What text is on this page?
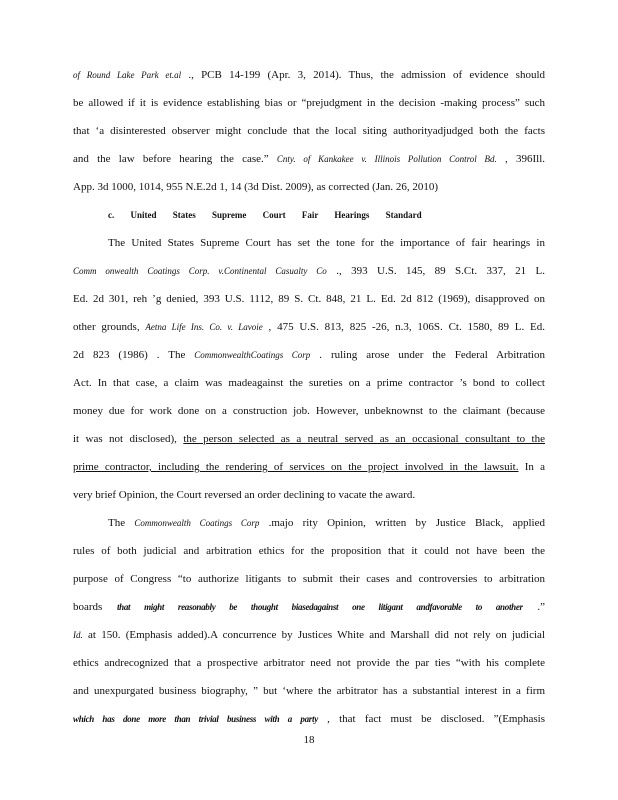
of Round Lake Park et.al ., PCB 14-199 (Apr. 3, 2014). Thus, the admission of evidence should
be allowed if it is evidence establishing bias or “prejudgment in the decision -making process” such
that ‘a disinterested observer might conclude that the local siting authorityadjudged both the facts
and the law before hearing the case.” Cnty. of Kankakee v. Illinois Pollution Control Bd. , 396Ill.
App. 3d 1000, 1014, 955 N.E.2d 1, 14 (3d Dist. 2009), as corrected (Jan. 26, 2010)
c. United States Supreme Court Fair Hearings Standard
The United States Supreme Court has set the tone for the importance of fair hearings in
Comm onwealth Coatings Corp. v.Continental Casualty Co ., 393 U.S. 145, 89 S.Ct. 337, 21 L.
Ed. 2d 301, reh ’g denied, 393 U.S. 1112, 89 S. Ct. 848, 21 L. Ed. 2d 812 (1969), disapproved on
other grounds, Aetna Life Ins. Co. v. Lavoie , 475 U.S. 813, 825 -26, n.3, 106S. Ct. 1580, 89 L. Ed.
2d 823 (1986) . The CommonwealthCoatings Corp . ruling arose under the Federal Arbitration
Act. In that case, a claim was madeagainst the sureties on a prime contractor ’s bond to collect
money due for work done on a construction job. However, unbeknownst to the claimant (because
it was not disclosed), the person selected as a neutral served as an occasional consultant to the
prime contractor, including the rendering of services on the project involved in the lawsuit. In a
very brief Opinion, the Court reversed an order declining to vacate the award.
The Commonwealth Coatings Corp .majo rity Opinion, written by Justice Black, applied
rules of both judicial and arbitration ethics for the proposition that it could not have been the
purpose of Congress “to authorize litigants to submit their cases and controversies to arbitration
boards that might reasonably be thought biasedagainst one litigant andfavorable to another .”
Id. at 150. (Emphasis added).A concurrence by Justices White and Marshall did not rely on judicial
ethics andrecognized that a prospective arbitrator need not provide the par ties “with his complete
and unexpurgated business biography, ” but ‘where the arbitrator has a substantial interest in a firm
which has done more than trivial business with a party , that fact must be disclosed. ”(Emphasis
18
